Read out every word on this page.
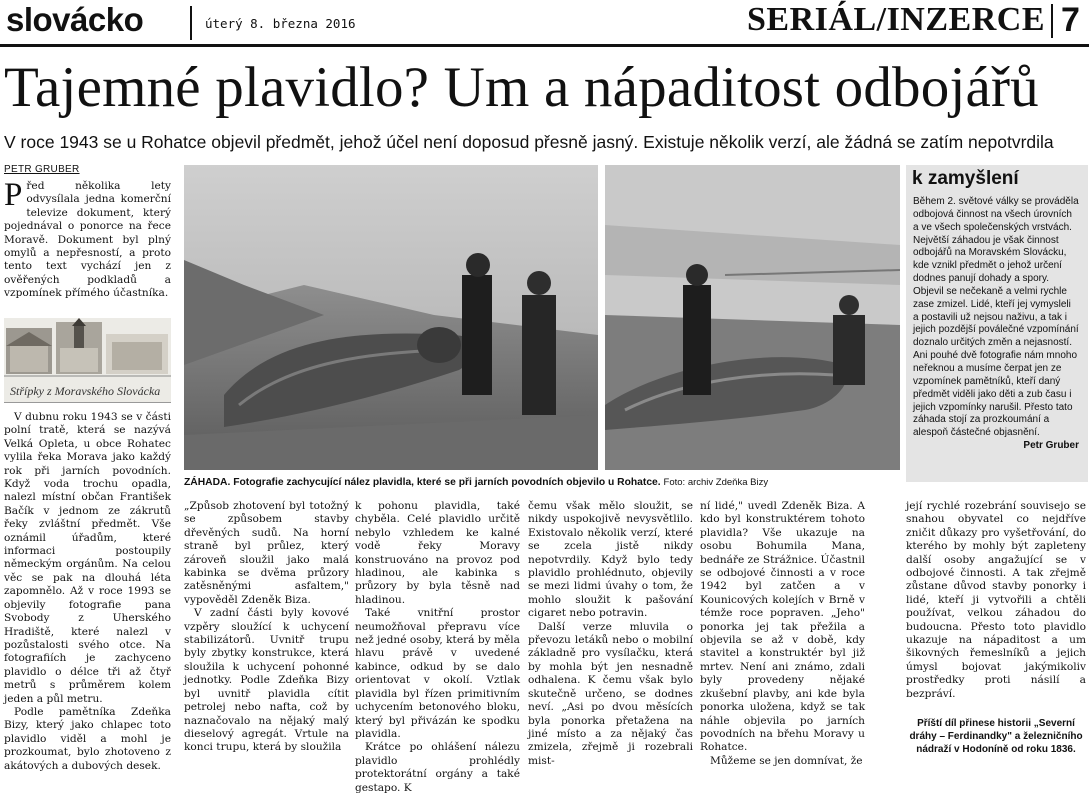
slovácko	úterý 8. března 2016	SERIÁL/INZERCE 7
Tajemné plavidlo? Um a nápaditost odbojářů
V roce 1943 se u Rohatce objevil předmět, jehož účel není doposud přesně jasný. Existuje několik verzí, ale žádná se zatím nepotvrdila
PETR GRUBER
Před několika lety odvysílala jedna komerční televize dokument, který pojednával o ponorce na řece Moravě. Dokument byl plný omylů a nepřesností, a proto tento text vychází jen z ověřených podkladů a vzpomínek přímého účastníka.
Střípky z Moravského Slovácka

V dubnu roku 1943 se v části polní tratě, která se nazývá Velká Opleta, u obce Rohatec vylila řeka Morava jako každý rok při jarních povodních. Když voda trochu opadla, nalezl místní občan František Bačík v jednom ze zákrutů řeky zvláštní předmět. Vše oznámil úřadům, které informaci postoupily německým orgánům. Na celou věc se pak na dlouhá léta zapomnělo. Až v roce 1993 se objevily fotografie pana Svobody z Uherského Hradiště, které nalezl v pozůstalosti svého otce. Na fotografiích je zachyceno plavidlo o délce tři až čtyř metrů s průměrem kolem jeden a půl metru.

Podle pamětníka Zdeňka Bizy, který jako chlapec toto plavidlo viděl a mohl je prozkoumat, bylo zhotoveno z akátových a dubových desek.

ZÁHADA. Fotografie zachycující nález plavidla, které se při jarních povodních objevilo u Rohatce. Foto: archiv Zdeňka Bizy
k zamyšlení
Během 2. světové války se prováděla odbojová činnost na všech úrovních a ve všech společenských vrstvách. Největší záhadou je však činnost odbojářů na Moravském Slovácku, kde vznikl předmět o jehož určení dodnes panují dohady a spory. Objevil se nečekaně a velmi rychle zase zmizel. Lidé, kteří jej vymysleli a postavili už nejsou naživu, a tak i jejich pozdější poválečné vzpomínání doznalo určitých změn a nejasností. Ani pouhé dvě fotografie nám mnoho neřeknou a musíme čerpat jen ze vzpomínek pamětníků, kteří daný předmět viděli jako děti a zub času i jejich vzpomínky narušil. Přesto tato záhada stojí za prozkoumání a alespoň částečné objasnění.
Petr Gruber

„Způsob zhotovení byl totožný se způsobem stavby dřevěných sudů. Na horní straně byl průlez, který zároveň sloužil jako malá kabinka se dvěma průzory zatěsněnými asfaltem," vypověděl Zdeněk Biza.

V zadní části byly kovové vzpěry sloužící k uchycení stabilizátorů. Uvnitř trupu byly zbytky konstrukce, která sloužila k uchycení pohonné jednotky. Podle Zdeňka Bizy byl uvnitř plavidla cítit petrolej nebo nafta, což by naznačovalo na nějaký malý dieselový agregát. Vrtule na konci trupu, která by sloužila

k pohonu plavidla, také chyběla. Celé plavidlo určitě nebylo vzhledem ke kalné vodě řeky Moravy konstruováno na provoz pod hladinou, ale kabinka s průzory by byla těsně nad hladinou.

Také vnitřní prostor neumožňoval přepravu více než jedné osoby, která by měla hlavu právě v uvedené kabince, odkud by se dalo orientovat v okolí. Vztlak plavidla byl řízen primitivním uchycením betonového bloku, který byl přivázán ke spodku plavidla.

Krátce po ohlášení nálezu plavidlo prohlédly protektorátní orgány a také gestapo. K

čemu však mělo sloužit, se nikdy uspokojivě nevysvětlilo. Existovalo několik verzí, které se zcela jistě nikdy nepotvrdily. Když bylo tedy plavidlo prohlédnuto, objevily se mezi lidmi úvahy o tom, že mohlo sloužit k pašování cigaret nebo potravin.

Další verze mluvila o převozu letáků nebo o mobilní základně pro vysílačku, která by mohla být jen nesnadně odhalena. K čemu však bylo skutečně určeno, se dodnes neví. „Asi po dvou měsících byla ponorka přetažena na jiné místo a za nějaký čas zmizela, zřejmě ji rozebrali mist-

ní lidé," uvedl Zdeněk Biza. A kdo byl konstruktérem tohoto plavidla? Vše ukazuje na osobu Bohumila Mana, bednáře ze Strážnice. Účastnil se odbojové činnosti a v roce 1942 byl zatčen a v Kounicových kolejích v Brně v témže roce popraven. „Jeho" ponorka jej tak přežila a objevila se až v době, kdy stavitel a konstruktér byl již mrtev. Není ani známo, zdali byly provedeny nějaké zkušební plavby, ani kde byla ponorka uložena, když se tak náhle objevila po jarních povodních na břehu Moravy u Rohatce.

Můžeme se jen domnívat, že

její rychlé rozebrání souvisejo se snahou obyvatel co nejdříve zničit důkazy pro vyšetřování, do kterého by mohly být zapleteny další osoby angažující se v odbojové činnosti. A tak zřejmě zůstane důvod stavby ponorky i lidé, kteří ji vytvořili a chtěli používat, velkou záhadou do budoucna. Přesto toto plavidlo ukazuje na nápaditost a um šikovných řemeslníků a jejich úmysl bojovat jakýmikoliv prostředky proti násilí a bezpráví.

Příští díl přinese historii „Severní dráhy – Ferdinandky" a železničního nádraží v Hodoníně od roku 1836.
